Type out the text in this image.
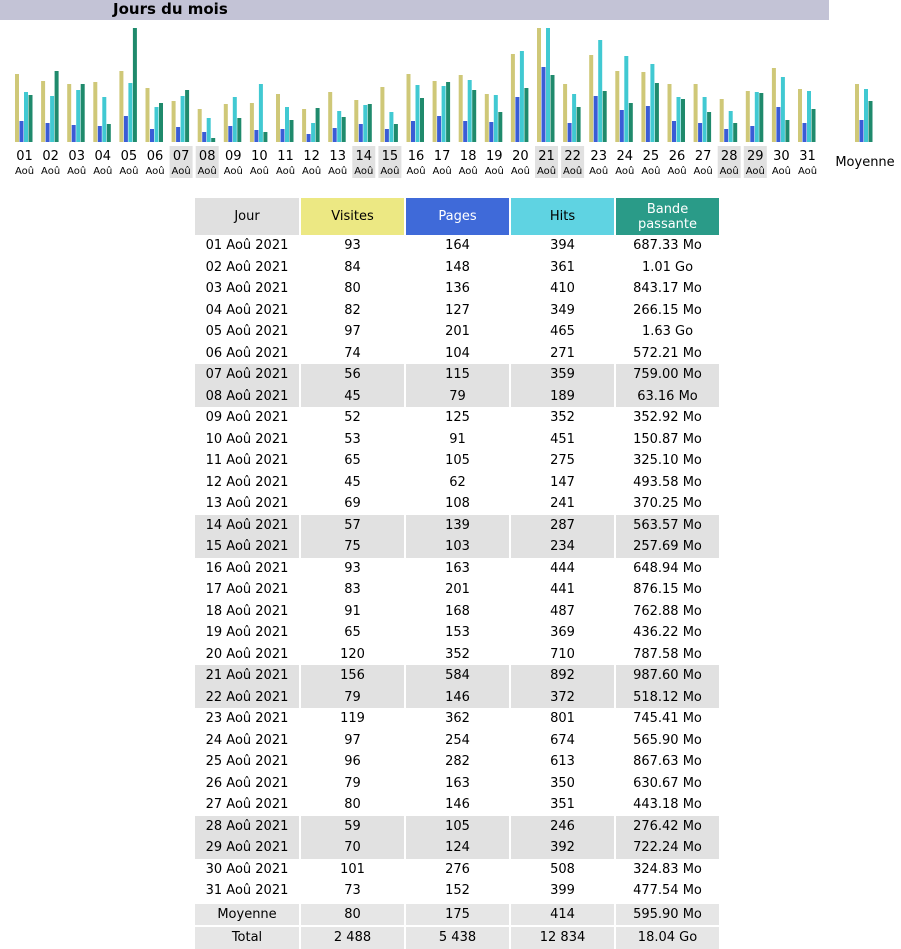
Jours du mois
01
Aoû
02
Aoû
03
Aoû
04
Aoû
05
Aoû
06
Aoû
07
Aoû
08
Aoû
09
Aoû
10
Aoû
11
Aoû
12
Aoû
13
Aoû
14
Aoû
15
Aoû
16
Aoû
17
Aoû
18
Aoû
19
Aoû
20
Aoû
21
Aoû
22
Aoû
23
Aoû
24
Aoû
25
Aoû
26
Aoû
27
Aoû
28
Aoû
29
Aoû
30
Aoû
31
Aoû
Moyenne
Jour	Visites	Pages	Hits	Bande passante
01 Aoû 2021	93	164	394	687.33 Mo
02 Aoû 2021	84	148	361	1.01 Go
03 Aoû 2021	80	136	410	843.17 Mo
04 Aoû 2021	82	127	349	266.15 Mo
05 Aoû 2021	97	201	465	1.63 Go
06 Aoû 2021	74	104	271	572.21 Mo
07 Aoû 2021	56	115	359	759.00 Mo
08 Aoû 2021	45	79	189	63.16 Mo
09 Aoû 2021	52	125	352	352.92 Mo
10 Aoû 2021	53	91	451	150.87 Mo
11 Aoû 2021	65	105	275	325.10 Mo
12 Aoû 2021	45	62	147	493.58 Mo
13 Aoû 2021	69	108	241	370.25 Mo
14 Aoû 2021	57	139	287	563.57 Mo
15 Aoû 2021	75	103	234	257.69 Mo
16 Aoû 2021	93	163	444	648.94 Mo
17 Aoû 2021	83	201	441	876.15 Mo
18 Aoû 2021	91	168	487	762.88 Mo
19 Aoû 2021	65	153	369	436.22 Mo
20 Aoû 2021	120	352	710	787.58 Mo
21 Aoû 2021	156	584	892	987.60 Mo
22 Aoû 2021	79	146	372	518.12 Mo
23 Aoû 2021	119	362	801	745.41 Mo
24 Aoû 2021	97	254	674	565.90 Mo
25 Aoû 2021	96	282	613	867.63 Mo
26 Aoû 2021	79	163	350	630.67 Mo
27 Aoû 2021	80	146	351	443.18 Mo
28 Aoû 2021	59	105	246	276.42 Mo
29 Aoû 2021	70	124	392	722.24 Mo
30 Aoû 2021	101	276	508	324.83 Mo
31 Aoû 2021	73	152	399	477.54 Mo
Moyenne	80	175	414	595.90 Mo
Total	2 488	5 438	12 834	18.04 Go
